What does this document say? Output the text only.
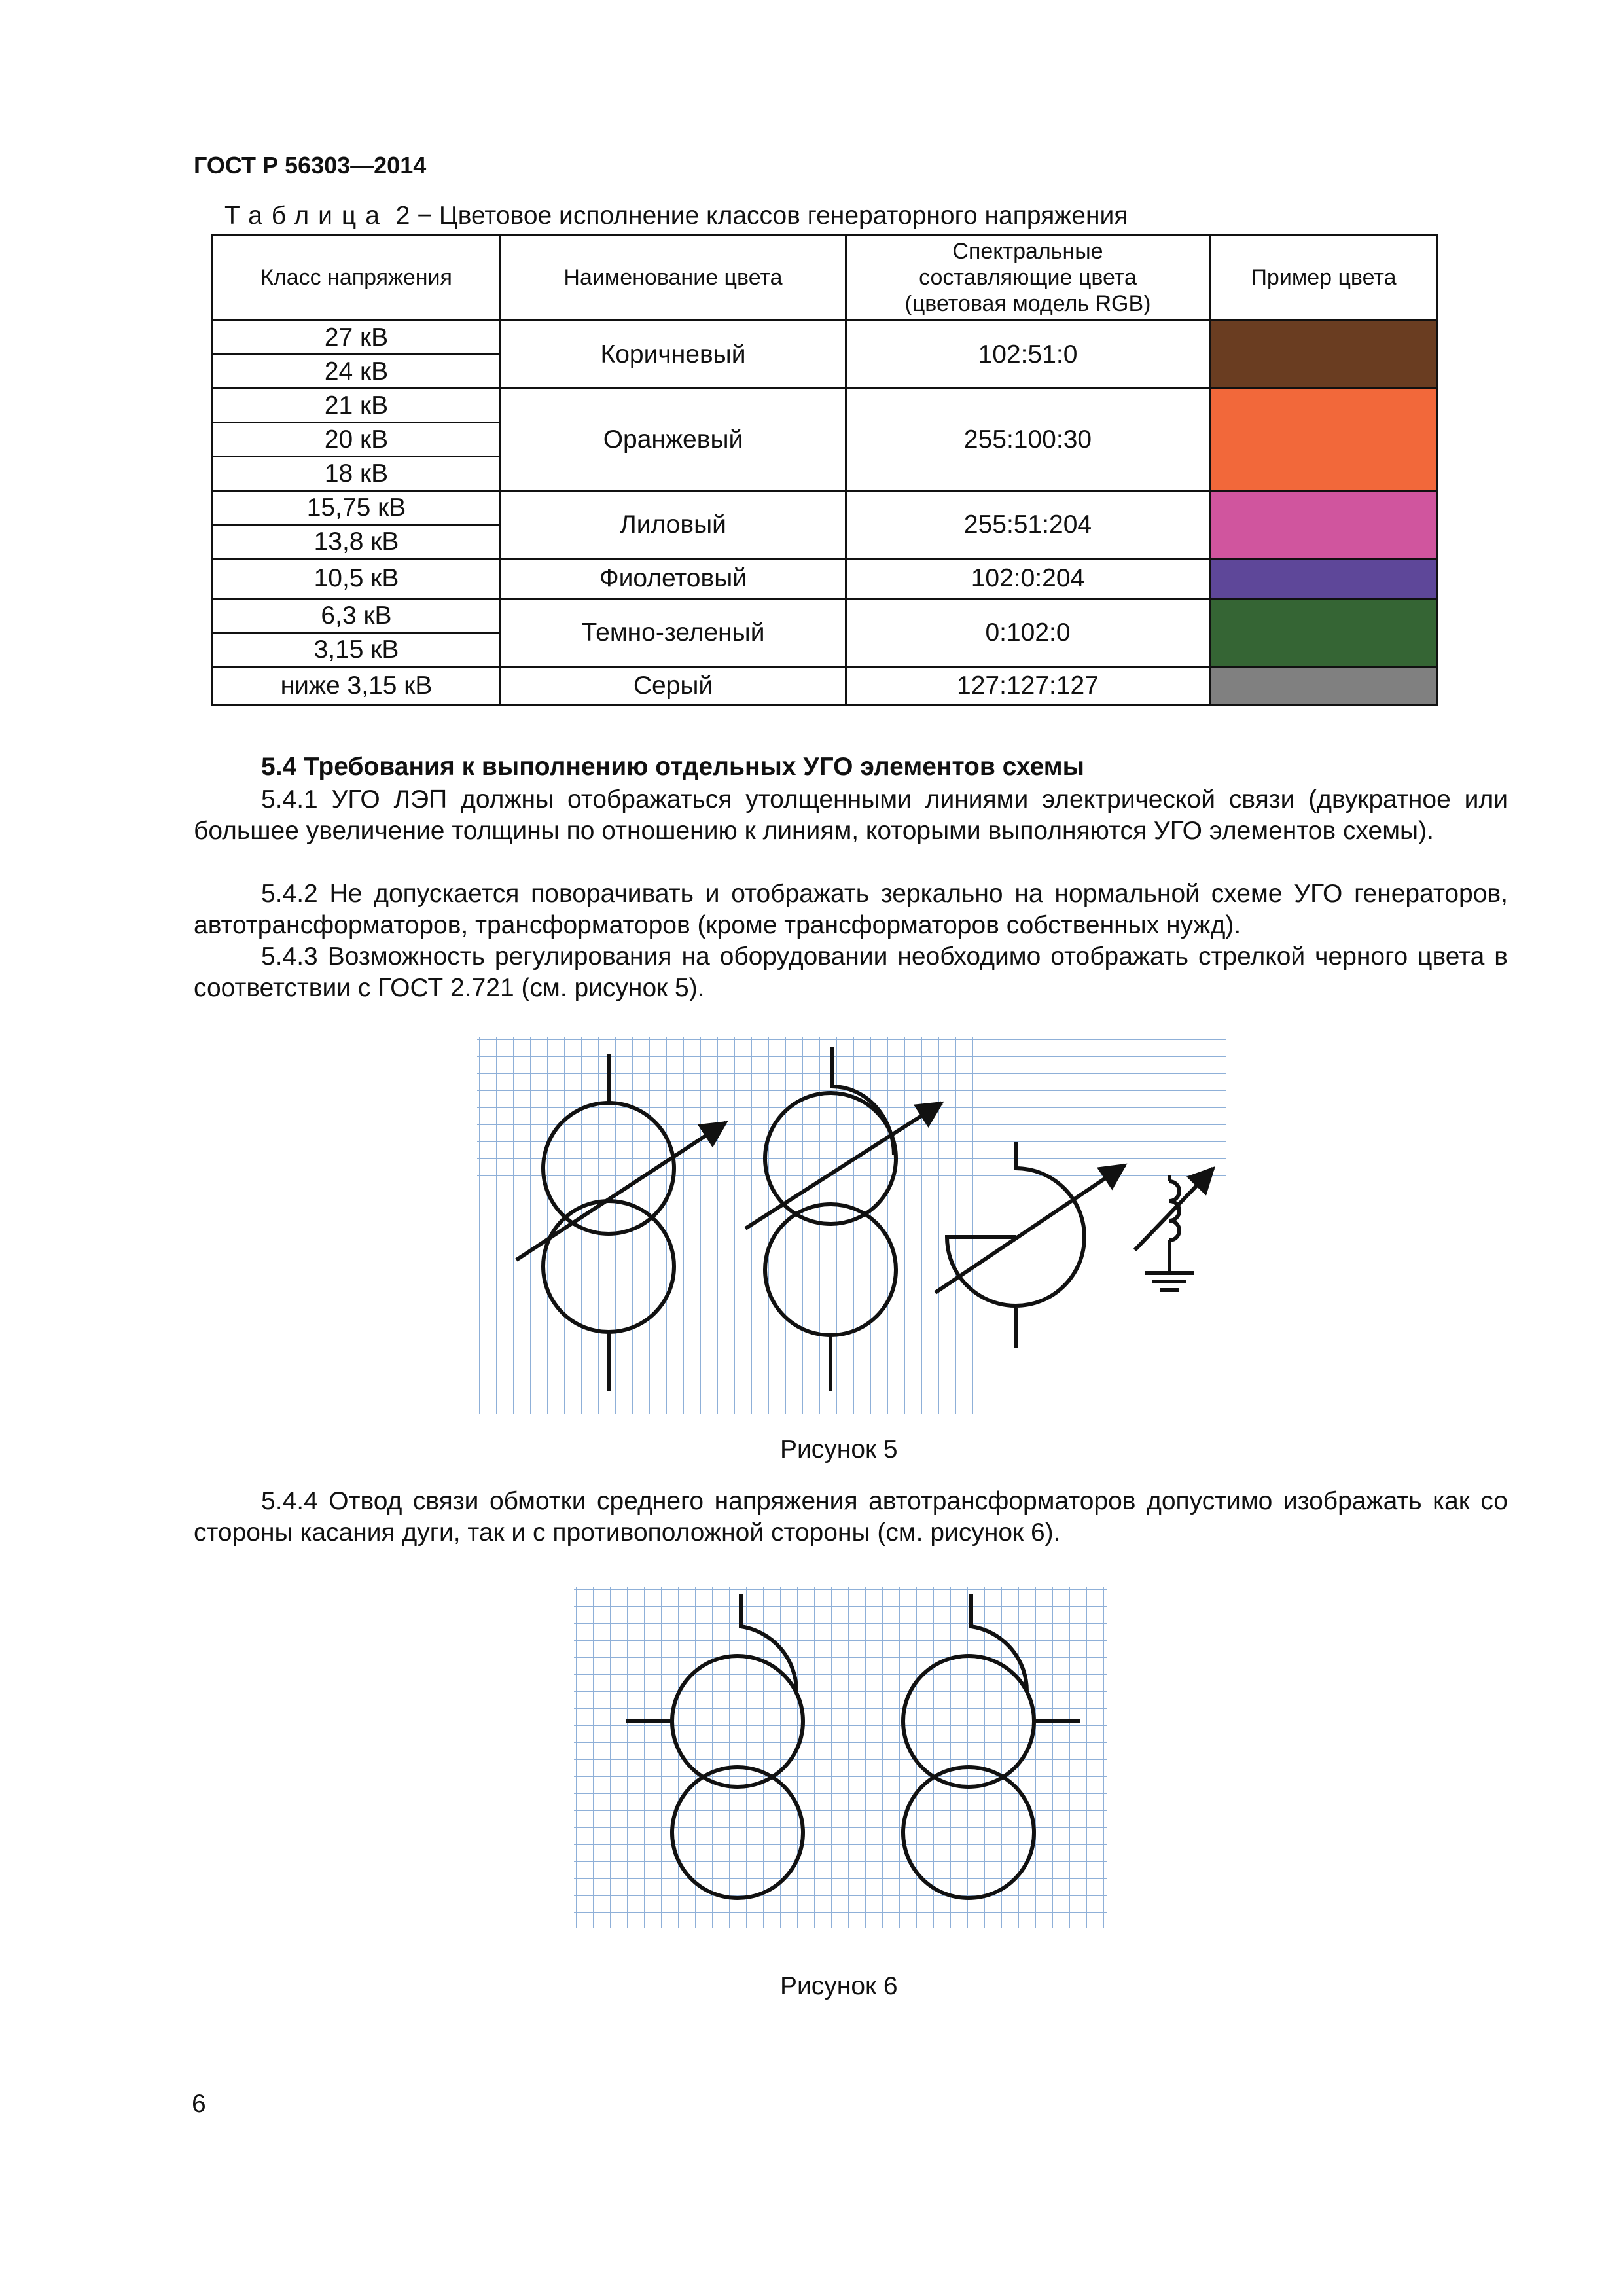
ГОСТ Р 56303—2014
Таблица 2 − Цветовое исполнение классов генераторного напряжения
Класс напряжения	Наименование цвета	Спектральные составляющие цвета (цветовая модель RGB)	Пример цвета
27 кВ	Коричневый	102:51:0	
24 кВ			
21 кВ	Оранжевый	255:100:30	
20 кВ			
18 кВ			
15,75 кВ	Лиловый	255:51:204	
13,8 кВ			
10,5 кВ	Фиолетовый	102:0:204	
6,3 кВ	Темно-зеленый	0:102:0	
3,15 кВ			
ниже 3,15 кВ	Серый	127:127:127	
5.4 Требования к выполнению отдельных УГО элементов схемы
5.4.1 УГО ЛЭП должны отображаться утолщенными линиями электрической связи (двукратное или большее увеличение толщины по отношению к линиям, которыми выполняются УГО элементов схемы).
5.4.2 Не допускается поворачивать и отображать зеркально на нормальной схеме УГО генераторов, автотрансформаторов, трансформаторов (кроме трансформаторов собственных нужд).
5.4.3 Возможность регулирования на оборудовании необходимо отображать стрелкой черного цвета в соответствии с ГОСТ 2.721 (см. рисунок 5).
Рисунок 5
5.4.4 Отвод связи обмотки среднего напряжения автотрансформаторов допустимо изображать как со стороны касания дуги, так и с противоположной стороны (см. рисунок 6).
Рисунок 6
6
